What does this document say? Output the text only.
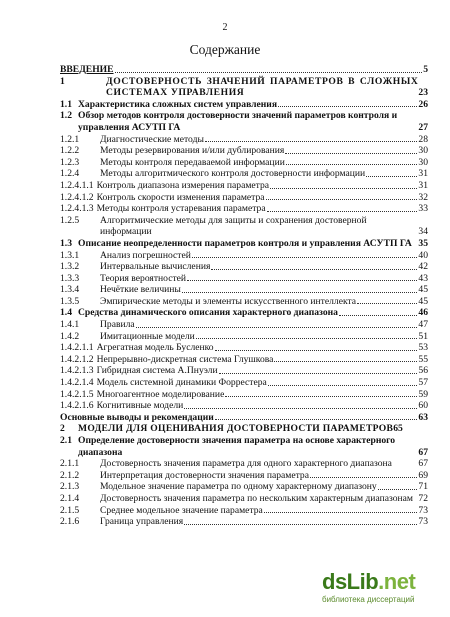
2
Содержание
ВВЕДЕНИЕ	5
1	ДОСТОВЕРНОСТЬ ЗНАЧЕНИЙ ПАРАМЕТРОВ В СЛОЖНЫХ СИСТЕМАХ УПРАВЛЕНИЯ	23
1.1 Характеристика сложных систем управления	26
1.2 Обзор методов контроля достоверности значений параметров контроля и управления АСУТП ГА	27
1.2.1	Диагностические методы	28
1.2.2	Методы резервирования и/или дублирования	30
1.2.3	Методы контроля передаваемой информации	30
1.2.4	Методы алгоритмического контроля достоверности информации	31
1.2.4.1.1 Контроль диапазона измерения параметра	31
1.2.4.1.2 Контроль скорости изменения параметра	32
1.2.4.1.3 Методы контроля устаревания параметра	33
1.2.5	Алгоритмические методы для защиты и сохранения достоверной информации	34
1.3 Описание неопределенности параметров контроля и управления АСУТП ГА 35
1.3.1	Анализ погрешностей	40
1.3.2	Интервальные вычисления	42
1.3.3	Теория вероятностей	43
1.3.4	Нечёткие величины	45
1.3.5	Эмпирические методы и элементы искусственного интеллекта	45
1.4 Средства динамического описания характерного диапазона	46
1.4.1	Правила	47
1.4.2	Имитационные модели	51
1.4.2.1.1 Агрегатная модель Бусленко	53
1.4.2.1.2 Непрерывно-дискретная система Глушкова	55
1.4.2.1.3 Гибридная система А.Пнуэли	56
1.4.2.1.4 Модель системной динамики Форрестера	57
1.4.2.1.5 Многоагентное моделирование	59
1.4.2.1.6 Когнитивные модели	60
Основные выводы и рекомендации	63
2	МОДЕЛИ ДЛЯ ОЦЕНИВАНИЯ ДОСТОВЕРНОСТИ ПАРАМЕТРОВ 65
2.1 Определение достоверности значения параметра на основе характерного диапазона	67
2.1.1	Достоверность значения параметра для одного характерного диапазона	67
2.1.2	Интерпретация достоверности значения параметра	69
2.1.3	Модельное значение параметра по одному характерному диапазону	71
2.1.4	Достоверность значения параметра по нескольким характерным диапазонам 72
2.1.5	Среднее модельное значение параметра	73
2.1.6	Граница управления	73
dsLib.net
библиотека диссертаций
